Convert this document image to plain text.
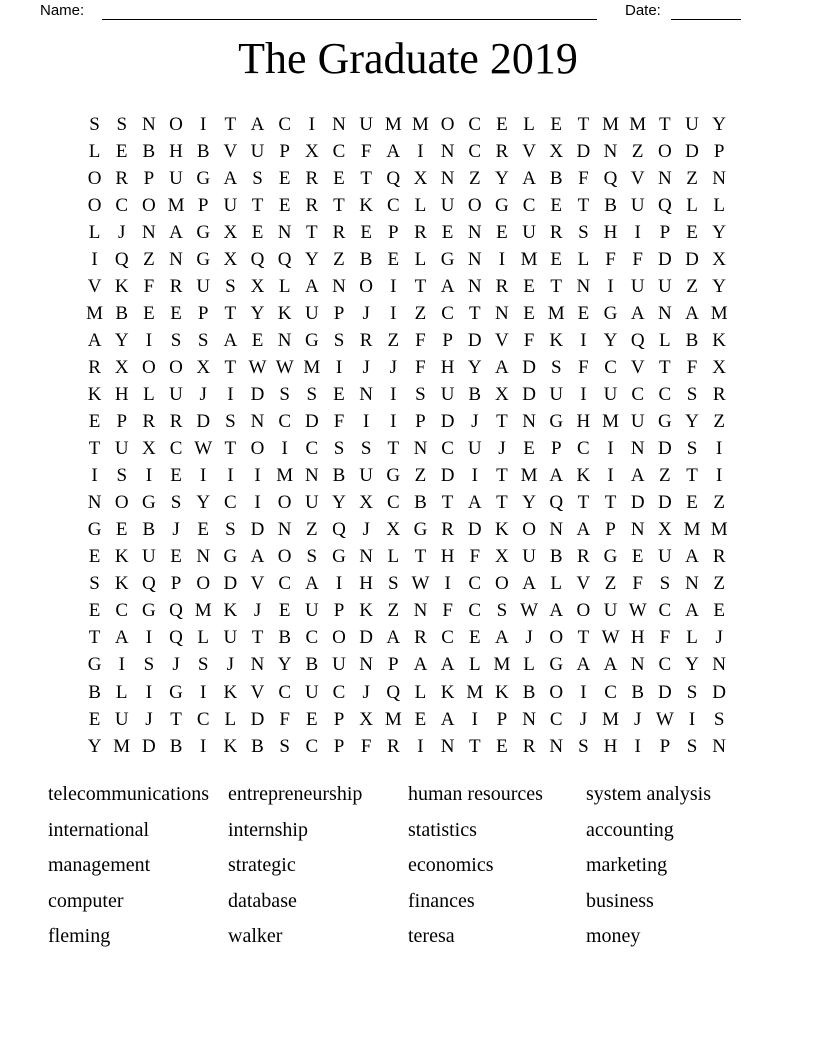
Name:	Date:
The Graduate 2019
S S N O I T A C I N U M M O C E L E T M M T U Y
L E B H B V U P X C F A I N C R V X D N Z O D P
O R P U G A S E R E T Q X N Z Y A B F Q V N Z N
O C O M P U T E R T K C L U O G C E T B U Q L L
L J N A G X E N T R E P R E N E U R S H I P E Y
I Q Z N G X Q Q Y Z B E L G N I M E L F F D D X
V K F R U S X L A N O I T A N R E T N I U U Z Y
M B E E P T Y K U P J	I Z C T N E M E G A N A M
A Y I S S A E N G S R Z F P D V F K I Y Q L B K
R X O O X T W W M I	J	J F H Y A D S F C V T F X
K H L U J	I D S S E N I S U B X D U I U C C S R
E P R R D S N C D F I	I P D J T N G H M U G Y Z
T U X C W T O I C S S T N C U J E P C I N D S I
I S I E I	I	I M N B U G Z D I T M A K I A Z T I
N O G S Y C I O U Y X C B T A T Y Q T T D D E Z
G E B J E S D N Z Q J X G R D K O N A P N X M M
E K U E N G A O S G N L T H F X U B R G E U A R
S K Q P O D V C A I H S W I C O A L V Z F S N Z
E C G Q M K J E U P K Z N F C S W A O U W C A E
T A I Q L U T B C O D A R C E A J O T W H F L J
G I S J S J N Y B U N P A A L M L G A A N C Y N
B L I G I K V C U C J Q L K M K B O I C B D S D
E U J T C L D F E P X M E A I P N C J M J W I S
Y M D B I K B S C P F R I N T E R N S H I P S N
telecommunications
international
management
computer
fleming
entrepreneurship
internship
strategic
database
walker
human resources
statistics
economics
finances
teresa
system analysis
accounting
marketing
business
money
